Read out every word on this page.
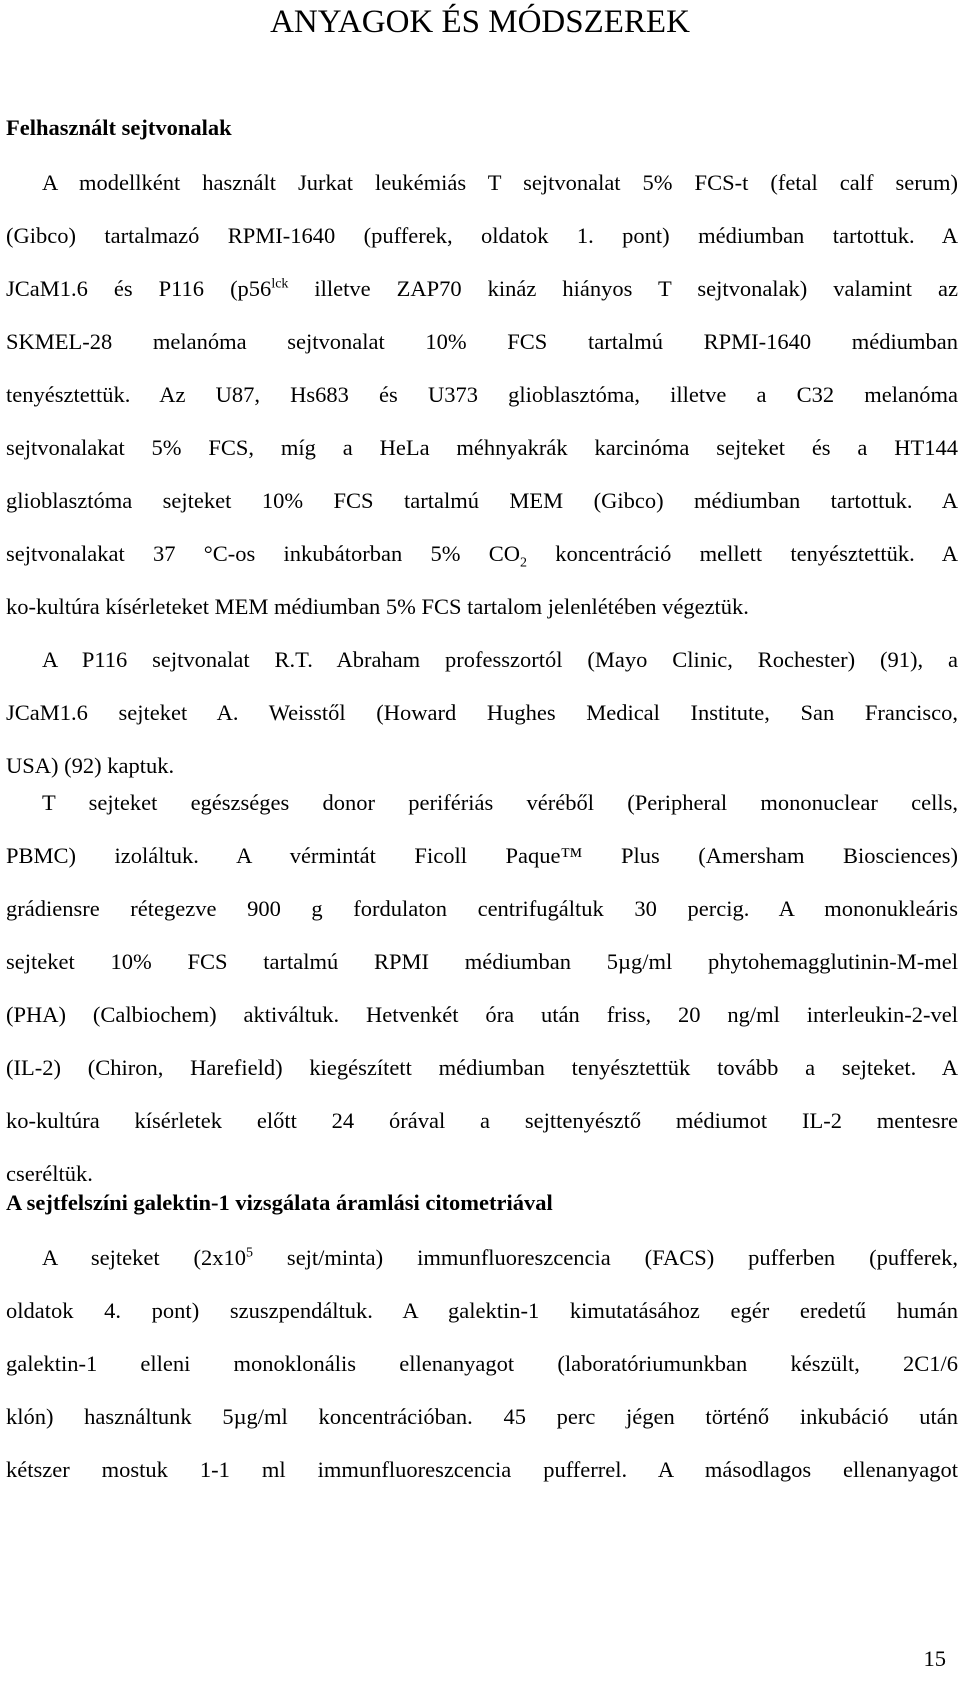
ANYAGOK ÉS MÓDSZEREK
Felhasznált sejtvonalak
A modellként használt Jurkat leukémiás T sejtvonalat 5% FCS-t (fetal calf serum)
(Gibco) tartalmazó RPMI-1640 (pufferek, oldatok 1. pont) médiumban tartottuk. A
JCaM1.6 és P116 ($p56^{lck}$ illetve ZAP70 kináz hiányos T sejtvonalak) valamint az
SKMEL-28 melanóma sejtvonalat 10% FCS tartalmú RPMI-1640 médiumban
tenyésztettük. Az U87, Hs683 és U373 glioblasztóma, illetve a C32 melanóma
sejtvonalakat 5% FCS, míg a HeLa méhnyakrák karcinóma sejteket és a HT144
glioblasztóma sejteket 10% FCS tartalmú MEM (Gibco) médiumban tartottuk. A
sejtvonalakat 37 °C-os inkubátorban 5% $CO_2$ koncentráció mellett tenyésztettük. A
ko-kultúra kísérleteket MEM médiumban 5% FCS tartalom jelenlétében végeztük.
A P116 sejtvonalat R.T. Abraham professzortól (Mayo Clinic, Rochester) (91), a
JCaM1.6 sejteket A. Weisstől (Howard Hughes Medical Institute, San Francisco,
USA) (92) kaptuk.
T sejteket egészséges donor perifériás véréből (Peripheral mononuclear cells,
PBMC) izoláltuk. A vérmintát Ficoll Paque™ Plus (Amersham Biosciences)
grádiensre rétegezve 900 g fordulaton centrifugáltuk 30 percig. A mononukleáris
sejteket 10% FCS tartalmú RPMI médiumban 5µg/ml phytohemagglutinin-M-mel
(PHA) (Calbiochem) aktiváltuk. Hetvenkét óra után friss, 20 ng/ml interleukin-2-vel
(IL-2) (Chiron, Harefield) kiegészített médiumban tenyésztettük tovább a sejteket. A
ko-kultúra kísérletek előtt 24 órával a sejttenyésztő médiumot IL-2 mentesre
cseréltük.
A sejtfelszíni galektin-1 vizsgálata áramlási citometriával
A sejteket ($2x10^5$ sejt/minta) immunfluoreszcencia (FACS) pufferben (pufferek,
oldatok 4. pont) szuszpendáltuk. A galektin-1 kimutatásához egér eredetű humán
galektin-1 elleni monoklonális ellenanyagot (laboratóriumunkban készült, 2C1/6
klón) használtunk 5µg/ml koncentrációban. 45 perc jégen történő inkubáció után
kétszer mostuk 1-1 ml immunfluoreszcencia pufferrel. A másodlagos ellenanyagot
15
